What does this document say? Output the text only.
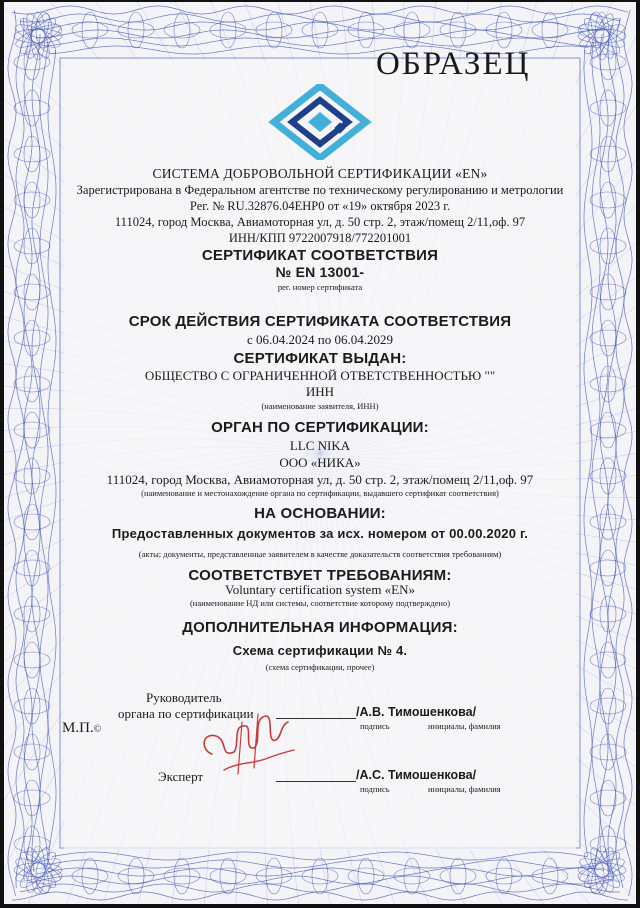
ОБРАЗЕЦ
СИСТЕМА ДОБРОВОЛЬНОЙ СЕРТИФИКАЦИИ «EN»
Зарегистрирована в Федеральном агентстве по техническому регулированию и метрологии
Рег. № RU.32876.04ЕНР0 от «19» октября 2023 г.
111024, город Москва, Авиамоторная ул, д. 50 стр. 2, этаж/помещ 2/11,оф. 97
ИНН/КПП 9722007918/772201001
СЕРТИФИКАТ СООТВЕТСТВИЯ
№ EN 13001-
рег. номер сертификата
СРОК ДЕЙСТВИЯ СЕРТИФИКАТА СООТВЕТСТВИЯ
с 06.04.2024 по 06.04.2029
СЕРТИФИКАТ ВЫДАН:
ОБЩЕСТВО С ОГРАНИЧЕННОЙ ОТВЕТСТВЕННОСТЬЮ ""
ИНН
(наименование заявителя, ИНН)
ОРГАН ПО СЕРТИФИКАЦИИ:
LLC NIKA
ООО «НИКА»
111024, город Москва, Авиамоторная ул, д. 50 стр. 2, этаж/помещ 2/11,оф. 97
(наименование и местонахождение органа по сертификации, выдавшего сертификат соответствия)
НА ОСНОВАНИИ:
Предоставленных документов за исх. номером от 00.00.2020 г.
(акты; документы, представленные заявителем в качестве доказательств соответствия требованиям)
СООТВЕТСТВУЕТ ТРЕБОВАНИЯМ:
Voluntary certification system «EN»
(наименование НД или системы, соответствие которому подтверждено)
ДОПОЛНИТЕЛЬНАЯ ИНФОРМАЦИЯ:
Схема сертификации № 4.
(схема сертификации, прочее)
Руководитель
органа по сертификации	/А.В. Тимошенкова/
подпись	инициалы, фамилия
М.П.©
Эксперт	/А.С. Тимошенкова/
подпись	инициалы, фамилия
